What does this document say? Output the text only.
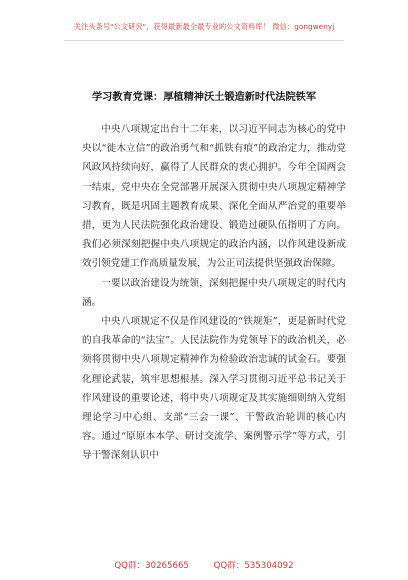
关注头条号"公文研究"，获得最新最全最专业的公文资料库！ 微信：gongwenyj
学习教育党课：厚植精神沃土锻造新时代法院铁军

中央八项规定出台十二年来，以习近平同志为核心的党中央以“徙木立信”的政治勇气和“抓铁有痕”的政治定力，推动党风政风持续向好，赢得了人民群众的衷心拥护。今年全国两会一结束，党中央在全党部署开展深入贯彻中央八项规定精神学习教育，既是巩固主题教育成果、深化全面从严治党的重要举措，更为人民法院强化政治建设、锻造过硬队伍指明了方向。我们必须深刻把握中央八项规定的政治内涵，以作风建设新成效引领党建工作高质量发展，为公正司法提供坚强政治保障。

一要以政治建设为统领，深刻把握中央八项规定的时代内涵。

中央八项规定不仅是作风建设的“铁规矩”，更是新时代党的自我革命的“法宝”。人民法院作为党领导下的政治机关，必须将贯彻中央八项规定精神作为检验政治忠诚的试金石。要强化理论武装，筑牢思想根基。深入学习贯彻习近平总书记关于作风建设的重要论述，将中央八项规定及其实施细则纳入党组理论学习中心组、支部“三会一课”、干警政治轮训的核心内容。通过“原原本本学、研讨交流学、案例警示学”等方式，引导干警深刻认识中

QQ群：30265665	QQ群：535304092
